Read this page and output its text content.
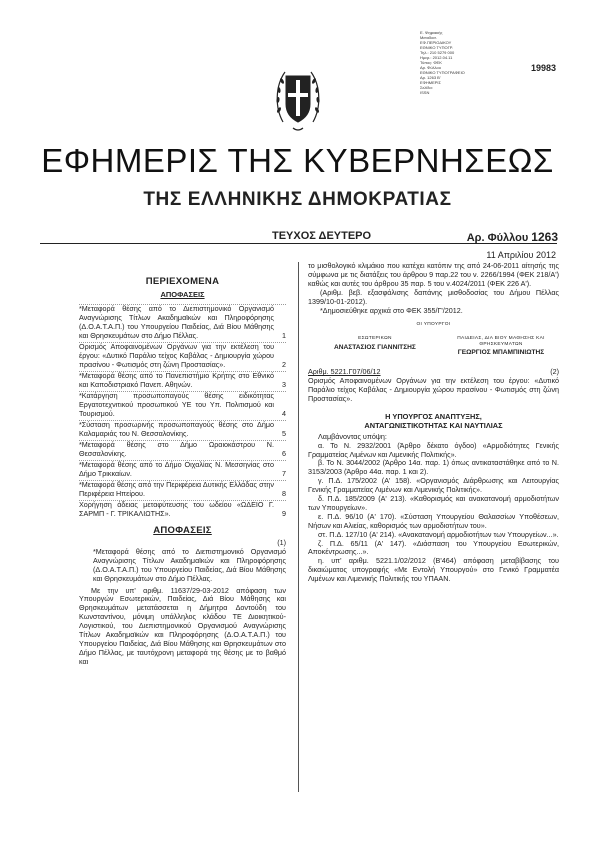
Ε. Ψηφιακής
Μεταδοσ.
ΕΦ.ΠΕΡΙΟΔΙΚΟΥ
ΕΘΝΙΚΟ ΤΥΠΟΓΡ.
Τηλ.: 210 5279 000
Ημερ.: 2012.04.11
Τύπος: ΦΕΚ
Αρ. Φύλλου
ΕΘΝΙΚΟ ΤΥΠΟΓΡΑΦΕΙΟ
Αρ. 1263 Β'
ΕΦΗΜΕΡΙΣ
Σελίδα:
ISSN
19983
ΕΦΗΜΕΡΙΣ ΤΗΣ ΚΥΒΕΡΝΗΣΕΩΣ
ΤΗΣ ΕΛΛΗΝΙΚΗΣ ΔΗΜΟΚΡΑΤΙΑΣ
ΤΕΥΧΟΣ ΔΕΥΤΕΡΟ	Αρ. Φύλλου 1263
11 Απριλίου 2012
ΠΕΡΙΕΧΟΜΕΝΑ
ΑΠΟΦΑΣΕΙΣ
*Μεταφορά θέσης από το Διεπιστημονικό Οργανισμό Αναγνώρισης Τίτλων Ακαδημαϊκών και Πληροφόρησης (Δ.Ο.Α.Τ.Α.Π.) του Υπουργείου Παιδείας, Διά Βίου Μάθησης και Θρησκευμάτων στο Δήμο Πέλλας.	1
Ορισμός Αποφαινομένων Οργάνων για την εκτέλεση του έργου: «Δυτικό Παράλιο τείχος Καβάλας - Δημιουργία χώρου πρασίνου - Φωτισμός στη ζώνη Προστασίας».	2
*Μεταφορά θέσης από το Πανεπιστήμιο Κρήτης στο Εθνικό και Καποδιστριακό Πανεπ. Αθηνών.	3
*Κατάργηση προσωποπαγούς θέσης ειδικότητας Εργατοτεχνιτικού προσωπικού ΥΕ του Υπ. Πολιτισμού και Τουρισμού.	4
*Σύσταση προσωρινής προσωποπαγούς θέσης στο Δήμο Καλαμαριάς του Ν. Θεσσαλονίκης.	5
*Μεταφορά θέσης στο Δήμο Ωραιοκάστρου Ν. Θεσσαλονίκης.	6
*Μεταφορά θέσης από το Δήμο Οιχαλίας Ν. Μεσσηνίας στο Δήμο Τρικκαίων.	7
*Μεταφορά θέσης από την Περιφέρεια Δυτικής Ελλάδας στην Περιφέρεια Ηπείρου.	8
Χορήγηση άδειας μεταφύτευσης του ωδείου «ΩΔΕΙΟ Γ. ΣΑΡΜΠ - Γ. ΤΡΙΚΑΛΙΩΤΗΣ».	9
ΑΠΟΦΑΣΕΙΣ
(1)
*Μεταφορά θέσης από το Διεπιστημονικό Οργανισμό Αναγνώρισης Τίτλων Ακαδημαϊκών και Πληροφόρησης (Δ.Ο.Α.Τ.Α.Π.) του Υπουργείου Παιδείας, Διά Βίου Μάθησης και Θρησκευμάτων στο Δήμο Πέλλας.
Με την υπ' αριθμ. 11637/29-03-2012 απόφαση των Υπουργών Εσωτερικών, Παιδείας, Διά Βίου Μάθησης και Θρησκευμάτων μετατάσσεται η Δήμητρα Δοντούδη του Κωνσταντίνου, μόνιμη υπάλληλος κλάδου ΤΕ Διοικητικού-Λογιστικού, του Διεπιστημονικού Οργανισμού Αναγνώρισης Τίτλων Ακαδημαϊκών και Πληροφόρησης (Δ.Ο.Α.Τ.Α.Π.) του Υπουργείου Παιδείας, Διά Βίου Μάθησης και Θρησκευμάτων στο Δήμο Πέλλας, με ταυτόχρονη μεταφορά της θέσης με το βαθμό και
το μισθολογικό κλιμάκιο που κατέχει κατόπιν της από 24-06-2011 αίτησής της σύμφωνα με τις διατάξεις του άρθρου 9 παρ.22 του ν. 2266/1994 (ΦΕΚ 218/Α') καθώς και αυτές του άρθρου 35 παρ. 5 του ν.4024/2011 (ΦΕΚ 226 Α').
(Αριθμ. βεβ. εξασφάλισης δαπάνης μισθοδοσίας του Δήμου Πέλλας 1399/10-01-2012).
*Δημοσιεύθηκε αρχικά στο ΦΕΚ 355/Γ'/2012.
ΟΙ ΥΠΟΥΡΓΟΙ
ΕΣΩΤΕΡΙΚΩΝ
ΑΝΑΣΤΑΣΙΟΣ ΓΙΑΝΝΙΤΣΗΣ
ΠΑΙΔΕΙΑΣ, ΔΙΑ ΒΙΟΥ ΜΑΘΗΣΗΣ ΚΑΙ ΘΡΗΣΚΕΥΜΑΤΩΝ
ΓΕΩΡΓΙΟΣ ΜΠΑΜΠΙΝΙΩΤΗΣ
Αριθμ. 5221.Γ07/06/12	(2)
Ορισμός Αποφαινομένων Οργάνων για την εκτέλεση του έργου: «Δυτικό Παράλιο τείχος Καβάλας - Δημιουργία χώρου πρασίνου - Φωτισμός στη ζώνη Προστασίας».
Η ΥΠΟΥΡΓΟΣ ΑΝΑΠΤΥΞΗΣ,
ΑΝΤΑΓΩΝΙΣΤΙΚΟΤΗΤΑΣ ΚΑΙ ΝΑΥΤΙΛΙΑΣ
Λαμβάνοντας υπόψη:
α. Το Ν. 2932/2001 (Άρθρο δέκατο όγδοο) «Αρμοδιότητες Γενικής Γραμματείας Λιμένων και Λιμενικής Πολιτικής».
β. Το Ν. 3044/2002 (Άρθρο 14α. παρ. 1) όπως αντικαταστάθηκε από το Ν. 3153/2003 (Άρθρο 44α. παρ. 1 και 2).
γ. Π.Δ. 175/2002 (Α' 158). «Οργανισμός Διάρθρωσης και Λειτουργίας Γενικής Γραμματείας Λιμένων και Λιμενικής Πολιτικής».
δ. Π.Δ. 185/2009 (Α' 213). «Καθορισμός και ανακατανομή αρμοδιοτήτων των Υπουργείων».
ε. Π.Δ. 96/10 (Α' 170). «Σύσταση Υπουργείου Θαλασσίων Υποθέσεων, Νήσων και Αλιείας, καθορισμός των αρμοδιοτήτων του».
στ. Π.Δ. 127/10 (Α' 214). «Ανακατανομή αρμοδιοτήτων των Υπουργείων...».
ζ. Π.Δ. 65/11 (Α' 147). «Διάσπαση του Υπουργείου Εσωτερικών, Αποκέντρωσης...».
η. υπ' αριθμ. 5221.1/02/2012 (Β'464) απόφαση μεταβίβασης του δικαιώματος υπογραφής «Με Εντολή Υπουργού» στο Γενικό Γραμματέα Λιμένων και Λιμενικής Πολιτικής του ΥΠΑΑΝ.
